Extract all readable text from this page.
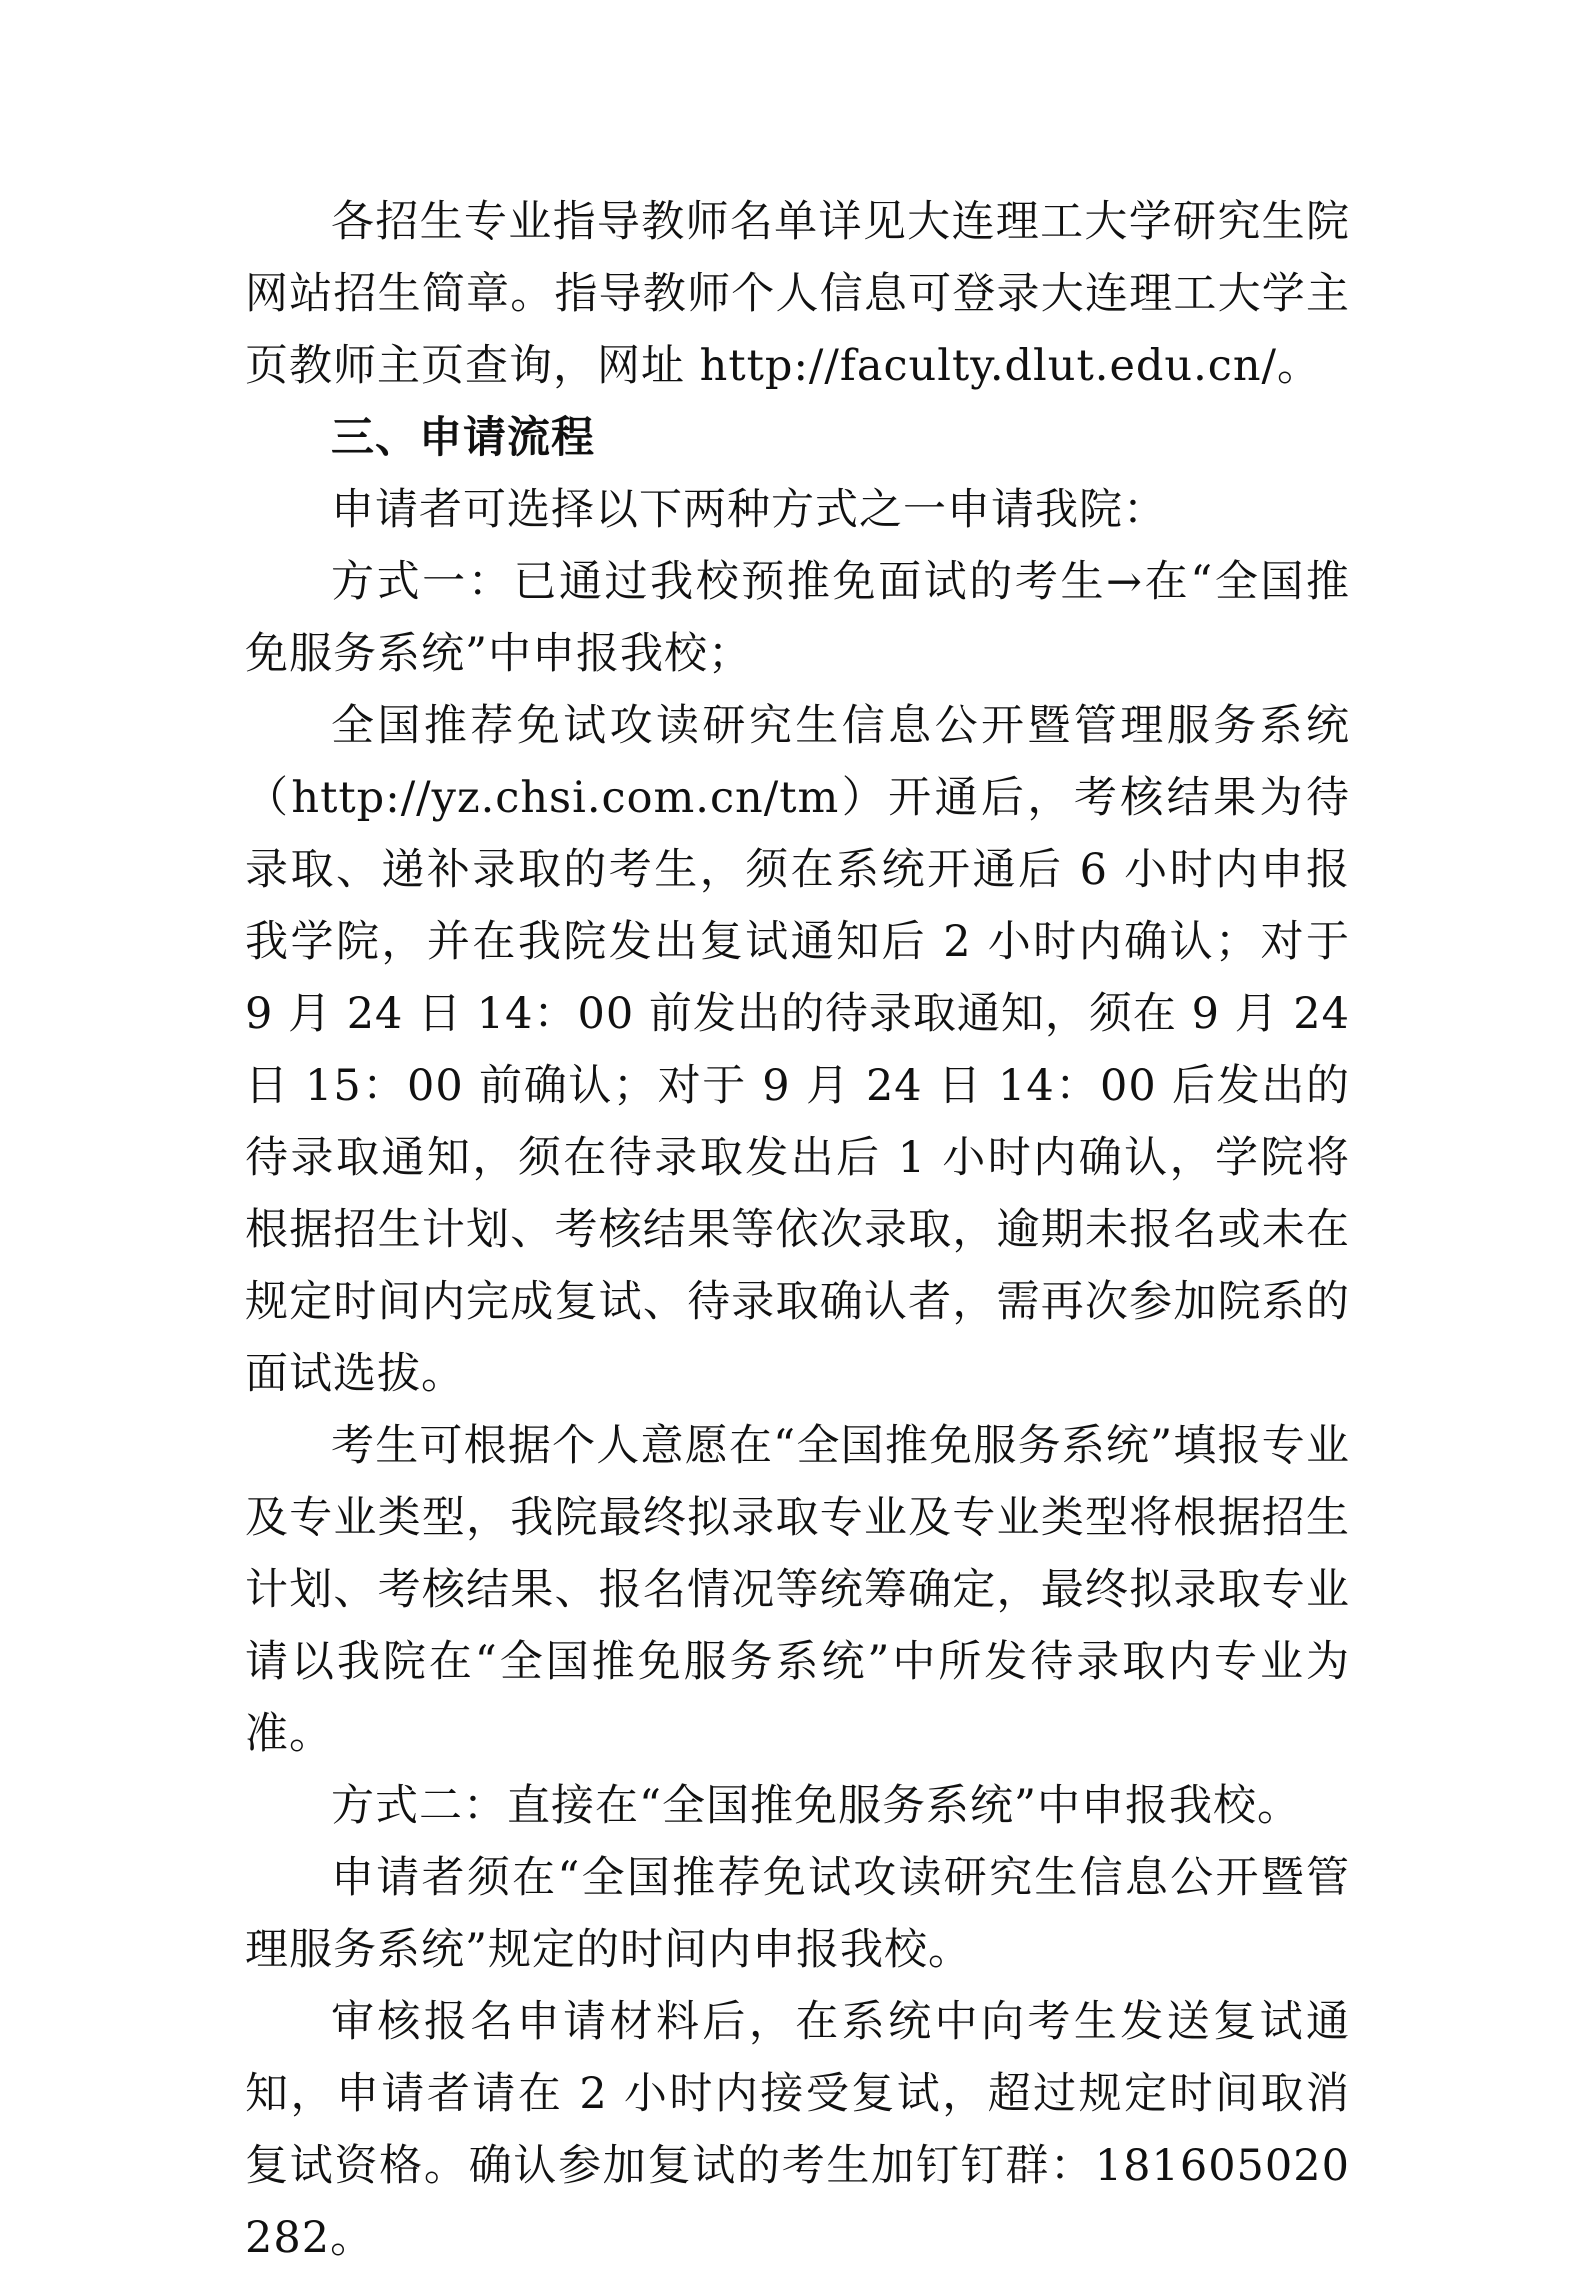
各招生专业指导教师名单详见大连理工大学研究生院网站招生简章。指导教师个人信息可登录大连理工大学主页教师主页查询，网址 http://faculty.dlut.edu.cn/。

三、申请流程

申请者可选择以下两种方式之一申请我院：

方式一：已通过我校预推免面试的考生→在“全国推免服务系统”中申报我校；

全国推荐免试攻读研究生信息公开暨管理服务系统（http://yz.chsi.com.cn/tm）开通后，考核结果为待录取、递补录取的考生，须在系统开通后 6 小时内申报我学院，并在我院发出复试通知后 2 小时内确认；对于 9 月 24 日 14：00 前发出的待录取通知，须在 9 月 24 日 15：00 前确认；对于 9 月 24 日 14：00 后发出的待录取通知，须在待录取发出后 1 小时内确认，学院将根据招生计划、考核结果等依次录取，逾期未报名或未在规定时间内完成复试、待录取确认者，需再次参加院系的面试选拔。

考生可根据个人意愿在“全国推免服务系统”填报专业及专业类型，我院最终拟录取专业及专业类型将根据招生计划、考核结果、报名情况等统筹确定，最终拟录取专业请以我院在“全国推免服务系统”中所发待录取内专业为准。

方式二：直接在“全国推免服务系统”中申报我校。

申请者须在“全国推荐免试攻读研究生信息公开暨管理服务系统”规定的时间内申报我校。

审核报名申请材料后，在系统中向考生发送复试通知，申请者请在 2 小时内接受复试，超过规定时间取消复试资格。确认参加复试的考生加钉钉群：181605020282。
